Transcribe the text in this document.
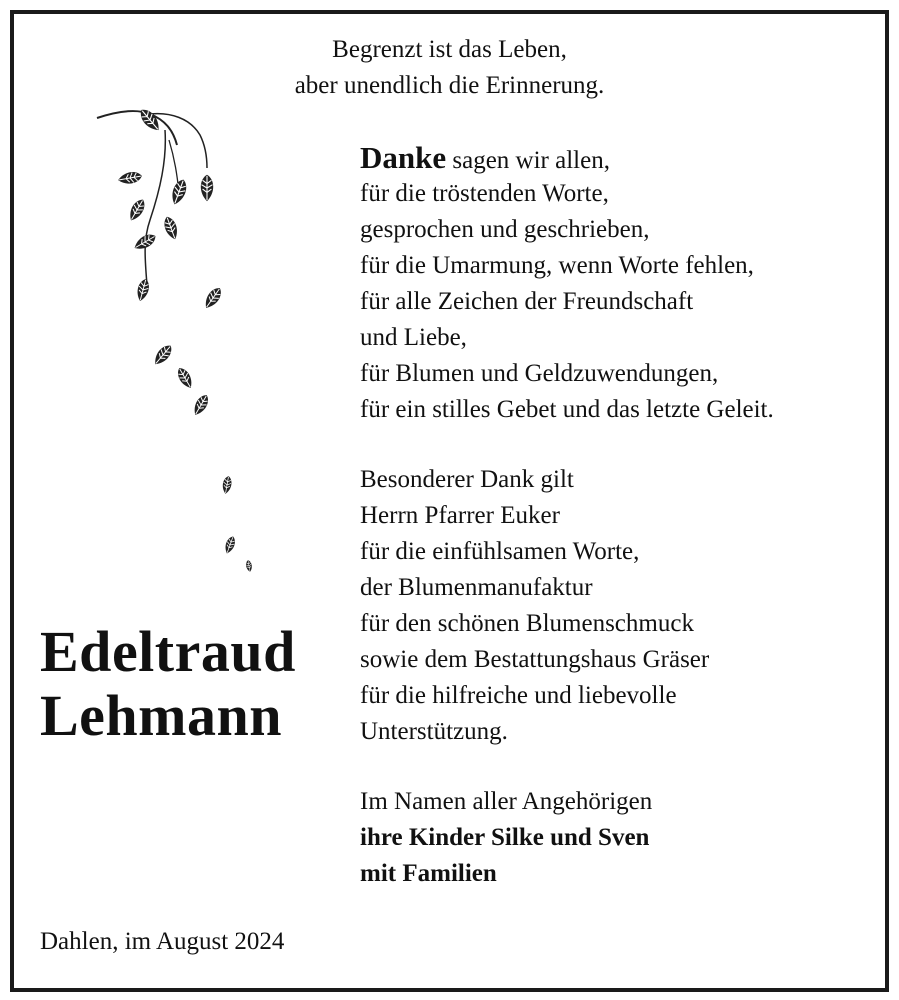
Begrenzt ist das Leben,
aber unendlich die Erinnerung.
Danke sagen wir allen,
für die tröstenden Worte,
gesprochen und geschrieben,
für die Umarmung, wenn Worte fehlen,
für alle Zeichen der Freundschaft
und Liebe,
für Blumen und Geldzuwendungen,
für ein stilles Gebet und das letzte Geleit.
Besonderer Dank gilt
Herrn Pfarrer Euker
für die einfühlsamen Worte,
der Blumenmanufaktur
für den schönen Blumenschmuck
sowie dem Bestattungshaus Gräser
für die hilfreiche und liebevolle
Unterstützung.
Im Namen aller Angehörigen
ihre Kinder Silke und Sven
mit Familien
Edeltraud
Lehmann
Dahlen, im August 2024
